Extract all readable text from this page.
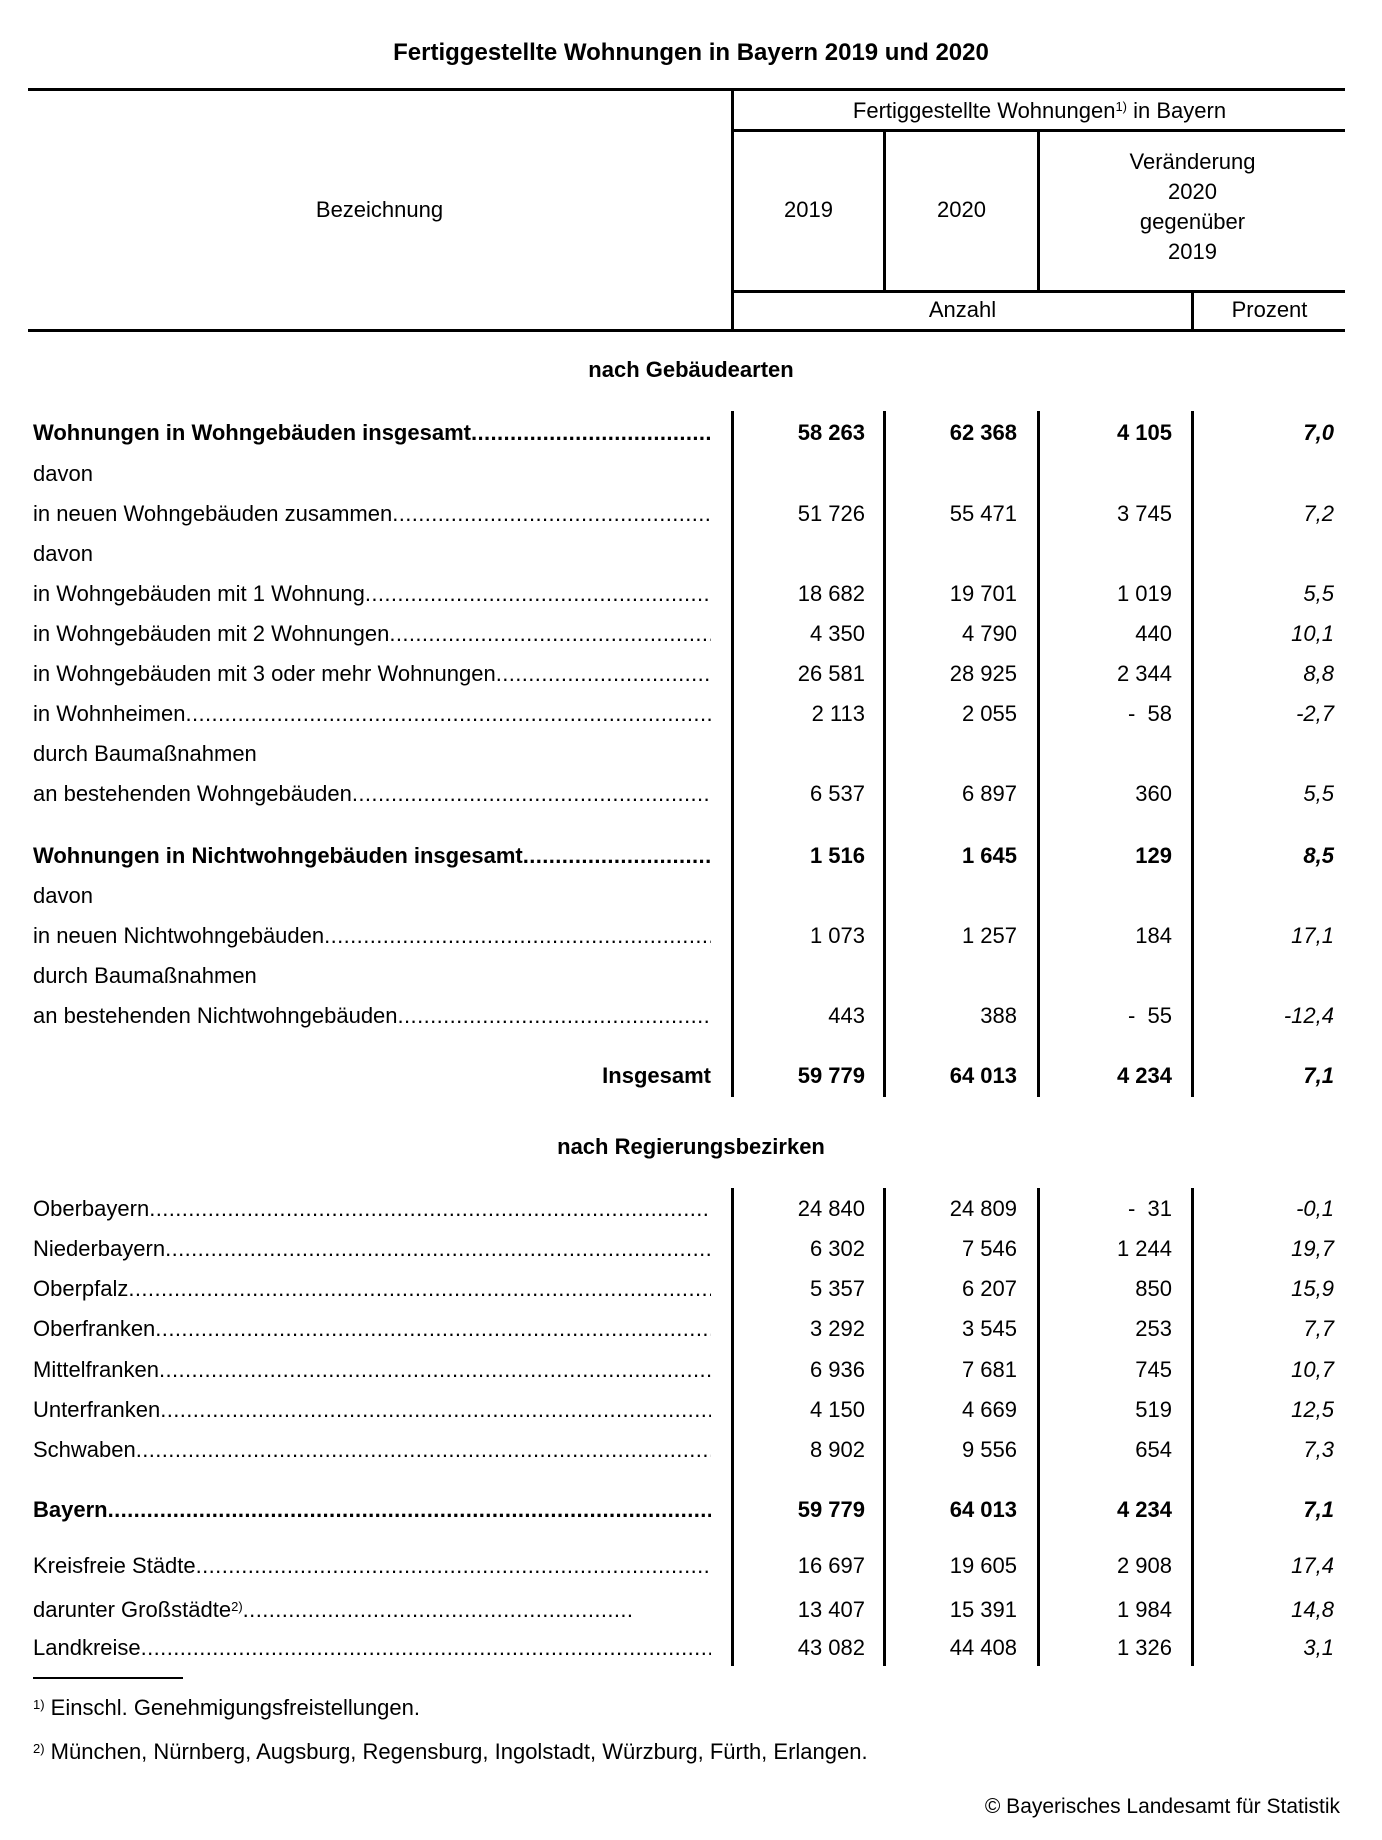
Fertiggestellte Wohnungen in Bayern 2019 und 2020
Bezeichnung
Fertiggestellte Wohnungen$^{1)}$ in Bayern
2019	2020
Veränderung
2020
gegenüber
2019
Anzahl	Prozent
nach Gebäudearten
nach Regierungsbezirken
Wohnungen in Wohngebäuden insgesamt .....	58 263	62 368	4 105	7,0
davon
in neuen Wohngebäuden zusammen .....	51 726	55 471	3 745	7,2
davon
in Wohngebäuden mit 1 Wohnung .....	18 682	19 701	1 019	5,5
in Wohngebäuden mit 2 Wohnungen .....	4 350	4 790	440	10,1
in Wohngebäuden mit 3 oder mehr Wohnungen .....	26 581	28 925	2 344	8,8
in Wohnheimen .....	2 113	2 055	-  58	-2,7
durch Baumaßnahmen
an bestehenden Wohngebäuden .....	6 537	6 897	360	5,5
Wohnungen in Nichtwohngebäuden insgesamt .....	1 516	1 645	129	8,5
davon
in neuen Nichtwohngebäuden .....	1 073	1 257	184	17,1
durch Baumaßnahmen
an bestehenden Nichtwohngebäuden .....	443	388	-  55	-12,4
Insgesamt	59 779	64 013	4 234	7,1
Oberbayern .....	24 840	24 809	-  31	-0,1
Niederbayern .....	6 302	7 546	1 244	19,7
Oberpfalz .....	5 357	6 207	850	15,9
Oberfranken .....	3 292	3 545	253	7,7
Mittelfranken .....	6 936	7 681	745	10,7
Unterfranken .....	4 150	4 669	519	12,5
Schwaben .....	8 902	9 556	654	7,3
Bayern .....	59 779	64 013	4 234	7,1
Kreisfreie Städte .....	16 697	19 605	2 908	17,4
darunter Großstädte$^{2)}$ .....	13 407	15 391	1 984	14,8
Landkreise .....	43 082	44 408	1 326	3,1
$^{1)}$ Einschl. Genehmigungsfreistellungen.
$^{2)}$ München, Nürnberg, Augsburg, Regensburg, Ingolstadt, Würzburg, Fürth, Erlangen.
© Bayerisches Landesamt für Statistik
